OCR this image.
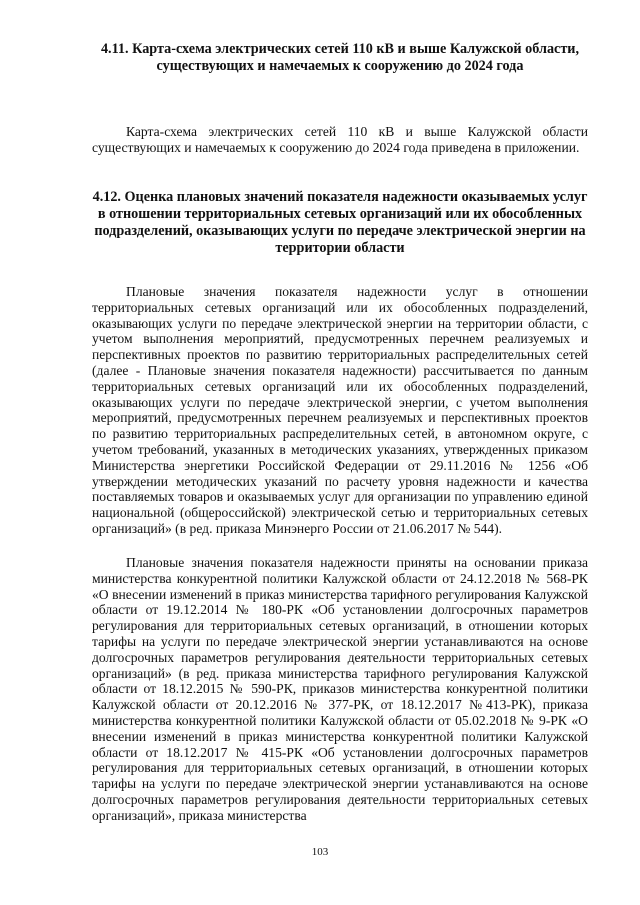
4.11. Карта-схема электрических сетей 110 кВ и выше Калужской области, существующих и намечаемых к сооружению до 2024 года

Карта-схема электрических сетей 110 кВ и выше Калужской области существующих и намечаемых к сооружению до 2024 года приведена в приложении.

4.12. Оценка плановых значений показателя надежности оказываемых услуг в отношении территориальных сетевых организаций или их обособленных подразделений, оказывающих услуги по передаче электрической энергии на территории области

Плановые значения показателя надежности услуг в отношении территориальных сетевых организаций или их обособленных подразделений, оказывающих услуги по передаче электрической энергии на территории области, с учетом выполнения мероприятий, предусмотренных перечнем реализуемых и перспективных проектов по развитию территориальных распределительных сетей (далее - Плановые значения показателя надежности) рассчитывается по данным территориальных сетевых организаций или их обособленных подразделений, оказывающих услуги по передаче электрической энергии, с учетом выполнения мероприятий, предусмотренных перечнем реализуемых и перспективных проектов по развитию территориальных распределительных сетей, в автономном округе, с учетом требований, указанных в методических указаниях, утвержденных приказом Министерства энергетики Российской Федерации от 29.11.2016 № 1256 «Об утверждении методических указаний по расчету уровня надежности и качества поставляемых товаров и оказываемых услуг для организации по управлению единой национальной (общероссийской) электрической сетью и территориальных сетевых организаций» (в ред. приказа Минэнерго России от 21.06.2017 № 544).

Плановые значения показателя надежности приняты на основании приказа министерства конкурентной политики Калужской области от 24.12.2018 № 568-РК «О внесении изменений в приказ министерства тарифного регулирования Калужской области от 19.12.2014 № 180-РК «Об установлении долгосрочных параметров регулирования для территориальных сетевых организаций, в отношении которых тарифы на услуги по передаче электрической энергии устанавливаются на основе долгосрочных параметров регулирования деятельности территориальных сетевых организаций» (в ред. приказа министерства тарифного регулирования Калужской области от 18.12.2015 № 590-РК, приказов министерства конкурентной политики Калужской области от 20.12.2016 № 377-РК, от 18.12.2017 №413-РК), приказа министерства конкурентной политики Калужской области от 05.02.2018 № 9-РК «О внесении изменений в приказ министерства конкурентной политики Калужской области от 18.12.2017 № 415-РК «Об установлении долгосрочных параметров регулирования для территориальных сетевых организаций, в отношении которых тарифы на услуги по передаче электрической энергии устанавливаются на основе долгосрочных параметров регулирования деятельности территориальных сетевых организаций», приказа министерства

103
